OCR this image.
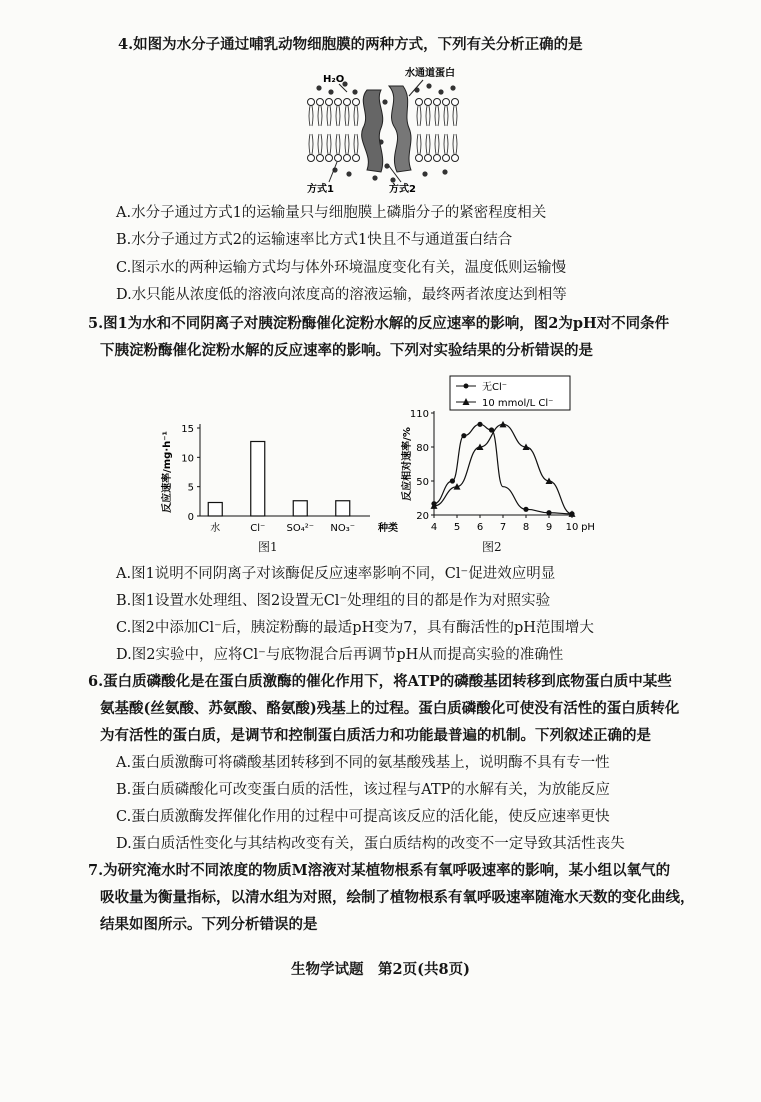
4.如图为水分子通过哺乳动物细胞膜的两种方式，下列有关分析正确的是
H₂O
水通道蛋白
方式1	方式2
A.水分子通过方式1的运输量只与细胞膜上磷脂分子的紧密程度相关
B.水分子通过方式2的运输速率比方式1快且不与通道蛋白结合
C.图示水的两种运输方式均与体外环境温度变化有关，温度低则运输慢
D.水只能从浓度低的溶液向浓度高的溶液运输，最终两者浓度达到相等
5.图1为水和不同阴离子对胰淀粉酶催化淀粉水解的反应速率的影响，图2为pH对不同条件
下胰淀粉酶催化淀粉水解的反应速率的影响。下列对实验结果的分析错误的是
0
5
10
15
反应速率/mg·h⁻¹
水	Cl⁻ SO₄²⁻ NO₃⁻ 种类
图1
无Cl⁻
10 mmol/L Cl⁻
20
50
80
110
反应相对速率/%
4 5 6 7 8 9 10 pH
图2
A.图1说明不同阴离子对该酶促反应速率影响不同，Cl⁻促进效应明显
B.图1设置水处理组、图2设置无Cl⁻处理组的目的都是作为对照实验
C.图2中添加Cl⁻后，胰淀粉酶的最适pH变为7，具有酶活性的pH范围增大
D.图2实验中，应将Cl⁻与底物混合后再调节pH从而提高实验的准确性
6.蛋白质磷酸化是在蛋白质激酶的催化作用下，将ATP的磷酸基团转移到底物蛋白质中某些
氨基酸(丝氨酸、苏氨酸、酪氨酸)残基上的过程。蛋白质磷酸化可使没有活性的蛋白质转化
为有活性的蛋白质，是调节和控制蛋白质活力和功能最普遍的机制。下列叙述正确的是
A.蛋白质激酶可将磷酸基团转移到不同的氨基酸残基上，说明酶不具有专一性
B.蛋白质磷酸化可改变蛋白质的活性，该过程与ATP的水解有关，为放能反应
C.蛋白质激酶发挥催化作用的过程中可提高该反应的活化能，使反应速率更快
D.蛋白质活性变化与其结构改变有关，蛋白质结构的改变不一定导致其活性丧失
7.为研究淹水时不同浓度的物质M溶液对某植物根系有氧呼吸速率的影响，某小组以氧气的
吸收量为衡量指标，以清水组为对照，绘制了植物根系有氧呼吸速率随淹水天数的变化曲线，
结果如图所示。下列分析错误的是
生物学试题　第2页(共8页)
